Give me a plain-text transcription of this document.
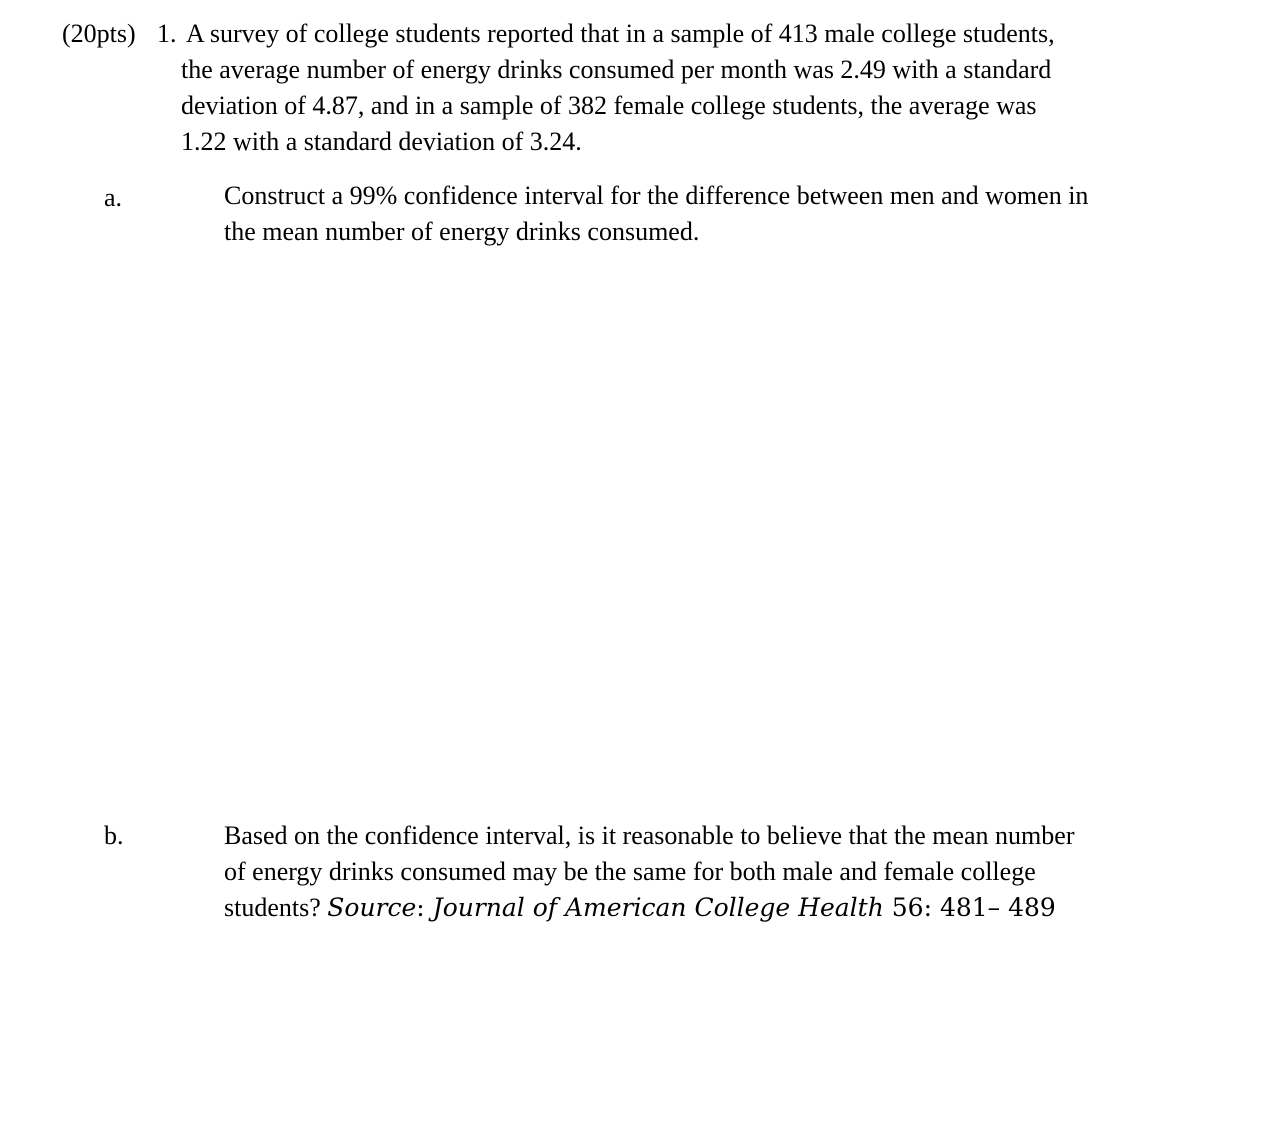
(20pts) 1. A survey of college students reported that in a sample of 413 male college students,
the average number of energy drinks consumed per month was 2.49 with a standard
deviation of 4.87, and in a sample of 382 female college students, the average was
1.22 with a standard deviation of 3.24.
a.	Construct a 99% confidence interval for the difference between men and women in
the mean number of energy drinks consumed.
b.	Based on the confidence interval, is it reasonable to believe that the mean number
of energy drinks consumed may be the same for both male and female college
students? Source: Journal of American College Health 56: 481– 489
